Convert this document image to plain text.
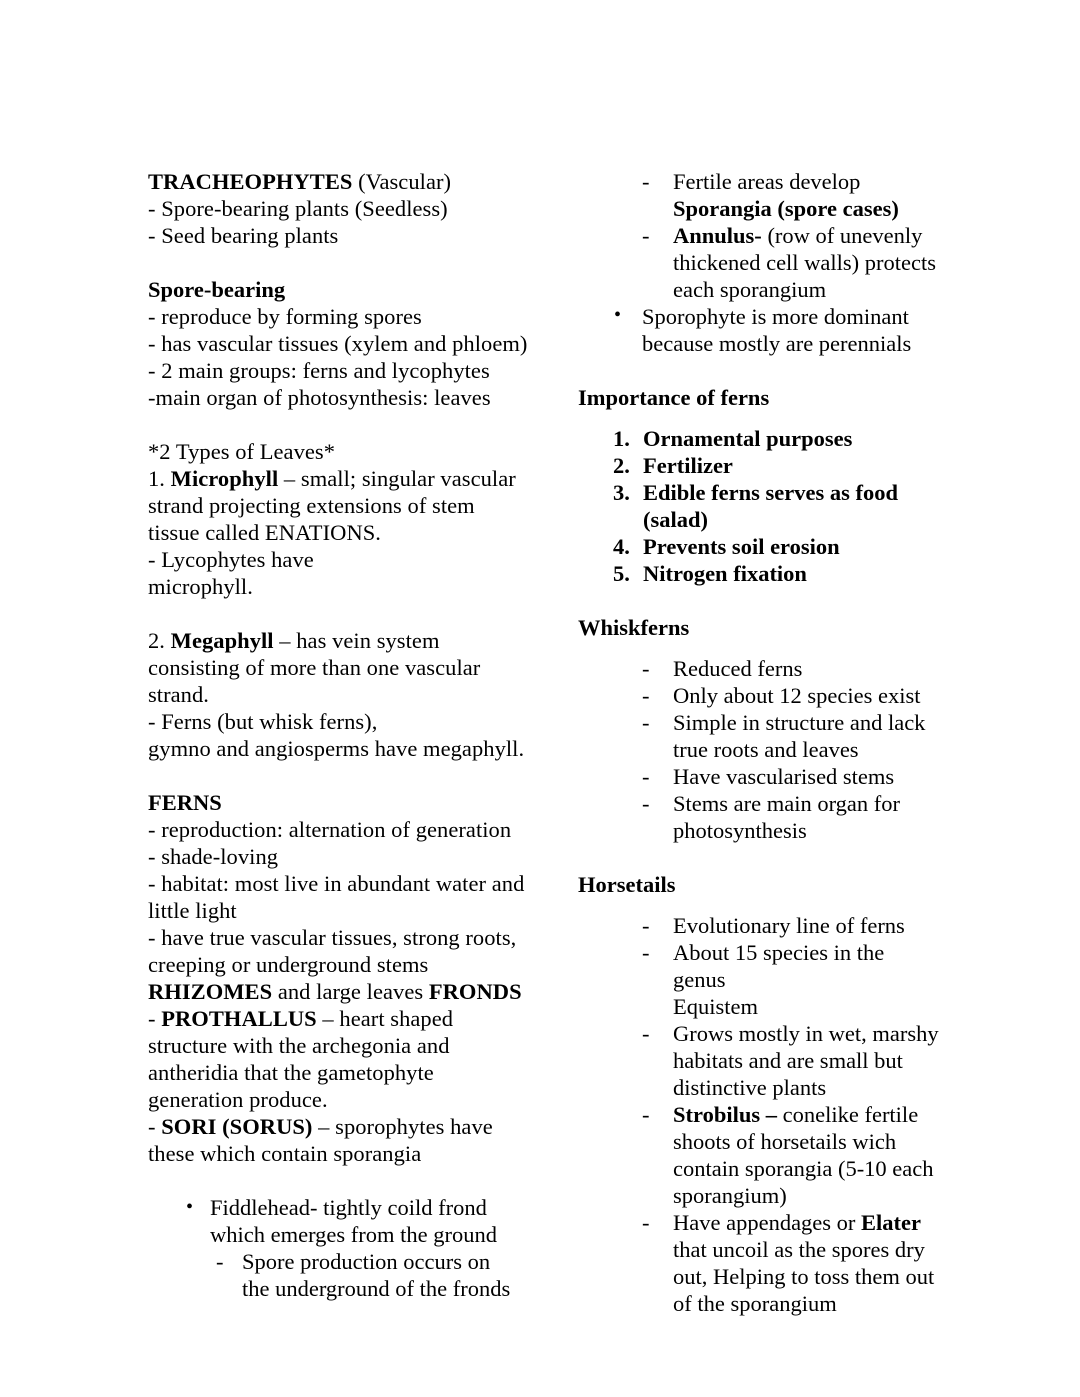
TRACHEOPHYTES (Vascular)

- Spore-bearing plants (Seedless)

- Seed bearing plants

Spore-bearing

- reproduce by forming spores

- has vascular tissues (xylem and phloem)

- 2 main groups: ferns and lycophytes

-main organ of photosynthesis: leaves

*2 Types of Leaves*

1. Microphyll – small; singular vascular

strand projecting extensions of stem

tissue called ENATIONS.

- Lycophytes have

microphyll.

2. Megaphyll – has vein system

consisting of more than one vascular

strand.

- Ferns (but whisk ferns),

gymno and angiosperms have megaphyll.

FERNS

- reproduction: alternation of generation

- shade-loving

- habitat: most live in abundant water and

little light

- have true vascular tissues, strong roots,

creeping or underground stems

RHIZOMES and large leaves FRONDS

- PROTHALLUS – heart shaped

structure with the archegonia and

antheridia that the gametophyte

generation produce.

- SORI (SORUS) – sporophytes have

these which contain sporangia

• Fiddlehead- tightly coild frond
which emerges from the ground
- Spore production occurs on
the underground of the fronds
- Fertile areas develop
Sporangia (spore cases)
- Annulus- (row of unevenly
thickened cell walls) protects
each sporangium
• Sporophyte is more dominant
because mostly are perennials

Importance of ferns

1. Ornamental purposes
2. Fertilizer
3. Edible ferns serves as food
(salad)
4. Prevents soil erosion
5. Nitrogen fixation

Whiskferns

- Reduced ferns
- Only about 12 species exist
- Simple in structure and lack
true roots and leaves
- Have vascularised stems
- Stems are main organ for
photosynthesis

Horsetails

- Evolutionary line of ferns
- About 15 species in the genus
Equistem
- Grows mostly in wet, marshy
habitats and are small but
distinctive plants
- Strobilus – conelike fertile
shoots of horsetails wich
contain sporangia (5-10 each
sporangium)
- Have appendages or Elater
that uncoil as the spores dry
out, Helping to toss them out
of the sporangium
